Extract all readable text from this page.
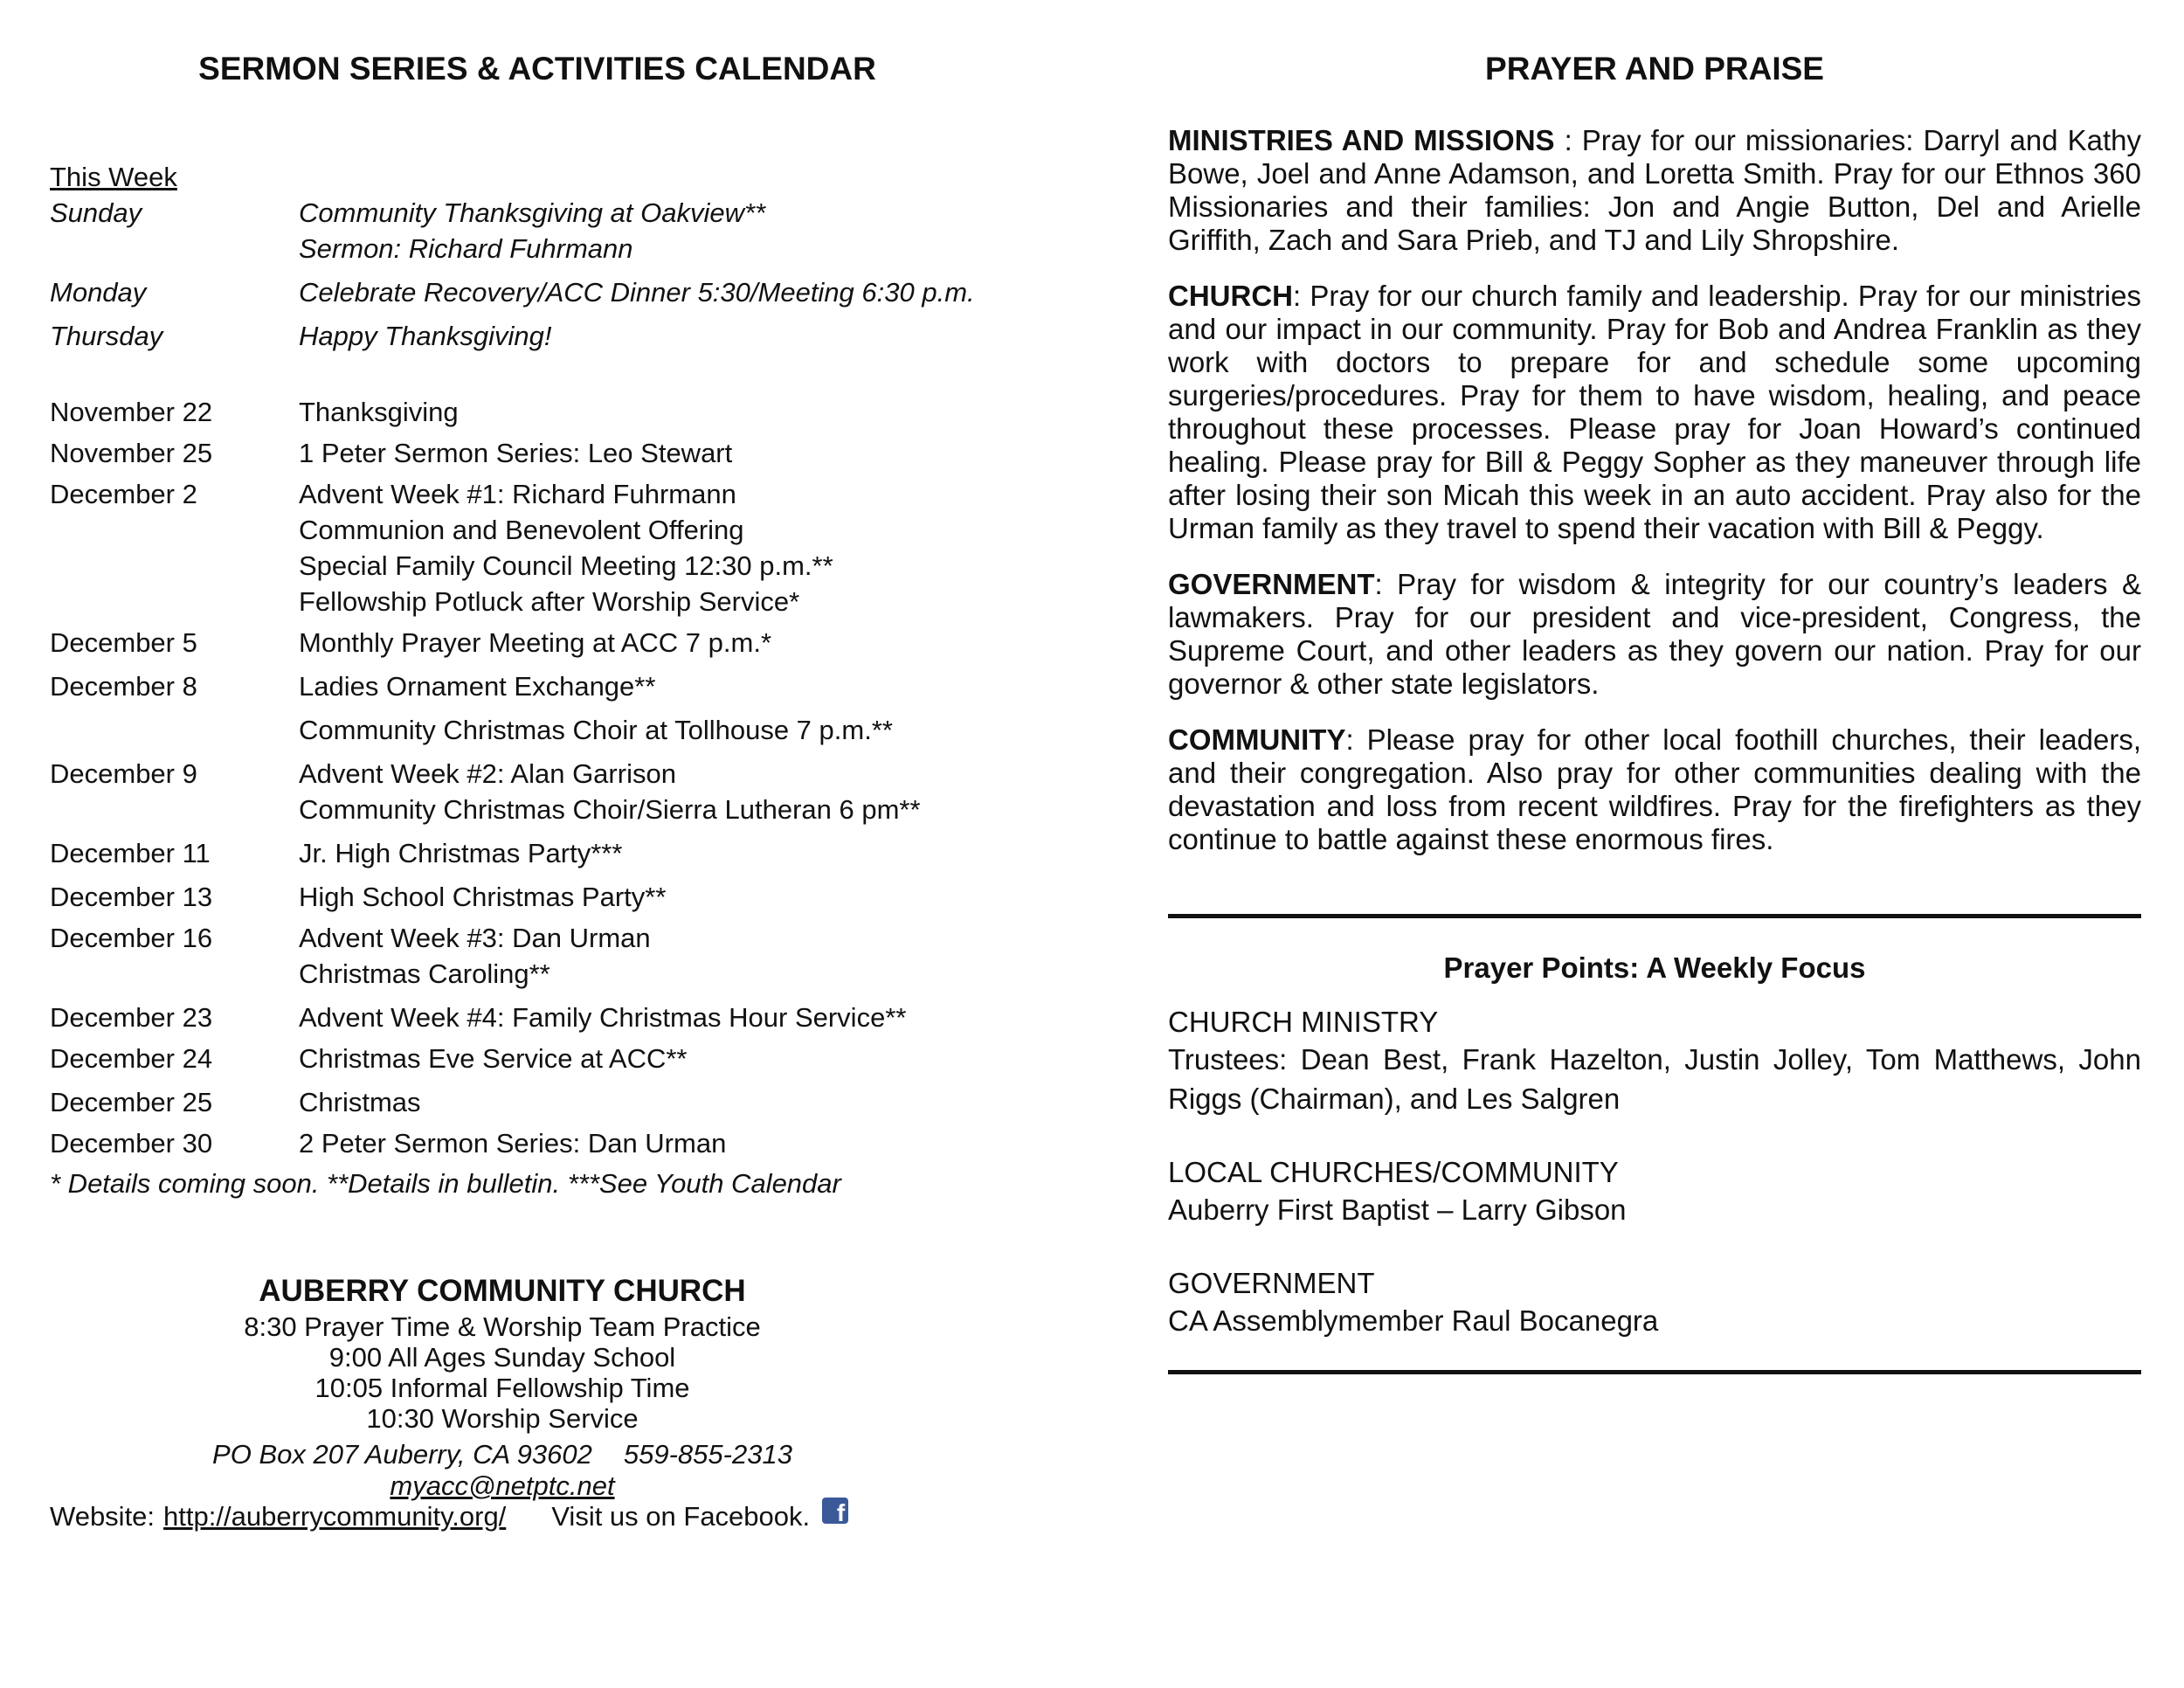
SERMON SERIES & ACTIVITIES CALENDAR
This Week
Sunday	Community Thanksgiving at Oakview**
Sermon: Richard Fuhrmann
Monday	Celebrate Recovery/ACC Dinner 5:30/Meeting 6:30 p.m.
Thursday	Happy Thanksgiving!
November 22	Thanksgiving
November 25	1 Peter Sermon Series: Leo Stewart
December 2	Advent Week #1: Richard Fuhrmann
Communion and Benevolent Offering
Special Family Council Meeting 12:30 p.m.**
Fellowship Potluck after Worship Service*
December 5	Monthly Prayer Meeting at ACC 7 p.m.*
December 8	Ladies Ornament Exchange**
Community Christmas Choir at Tollhouse 7 p.m.**
December 9	Advent Week #2: Alan Garrison
Community Christmas Choir/Sierra Lutheran 6 pm**
December 11	Jr. High Christmas Party***
December 13	High School Christmas Party**
December 16	Advent Week #3: Dan Urman
Christmas Caroling**
December 23	Advent Week #4: Family Christmas Hour Service**
December 24	Christmas Eve Service at ACC**
December 25	Christmas
December 30	2 Peter Sermon Series: Dan Urman
* Details coming soon. **Details in bulletin. ***See Youth Calendar
AUBERRY COMMUNITY CHURCH
8:30 Prayer Time & Worship Team Practice
9:00 All Ages Sunday School
10:05 Informal Fellowship Time
10:30 Worship Service
PO Box 207 Auberry, CA 93602 559-855-2313
myacc@netptc.net
Website: http://auberrycommunity.org/ Visit us on Facebook. f
PRAYER AND PRAISE

MINISTRIES AND MISSIONS : Pray for our missionaries: Darryl and Kathy Bowe, Joel and Anne Adamson, and Loretta Smith. Pray for our Ethnos 360 Missionaries and their families: Jon and Angie Button, Del and Arielle Griffith, Zach and Sara Prieb, and TJ and Lily Shropshire.

CHURCH: Pray for our church family and leadership. Pray for our ministries and our impact in our community. Pray for Bob and Andrea Franklin as they work with doctors to prepare for and schedule some upcoming surgeries/procedures. Pray for them to have wisdom, healing, and peace throughout these processes. Please pray for Joan Howard’s continued healing. Please pray for Bill & Peggy Sopher as they maneuver through life after losing their son Micah this week in an auto accident. Pray also for the Urman family as they travel to spend their vacation with Bill & Peggy.

GOVERNMENT: Pray for wisdom & integrity for our country’s leaders & lawmakers. Pray for our president and vice-president, Congress, the Supreme Court, and other leaders as they govern our nation. Pray for our governor & other state legislators.

COMMUNITY: Please pray for other local foothill churches, their leaders, and their congregation. Also pray for other communities dealing with the devastation and loss from recent wildfires. Pray for the firefighters as they continue to battle against these enormous fires.

Prayer Points: A Weekly Focus
CHURCH MINISTRY
Trustees: Dean Best, Frank Hazelton, Justin Jolley, Tom Matthews, John Riggs (Chairman), and Les Salgren
LOCAL CHURCHES/COMMUNITY
Auberry First Baptist – Larry Gibson
GOVERNMENT
CA Assemblymember Raul Bocanegra
